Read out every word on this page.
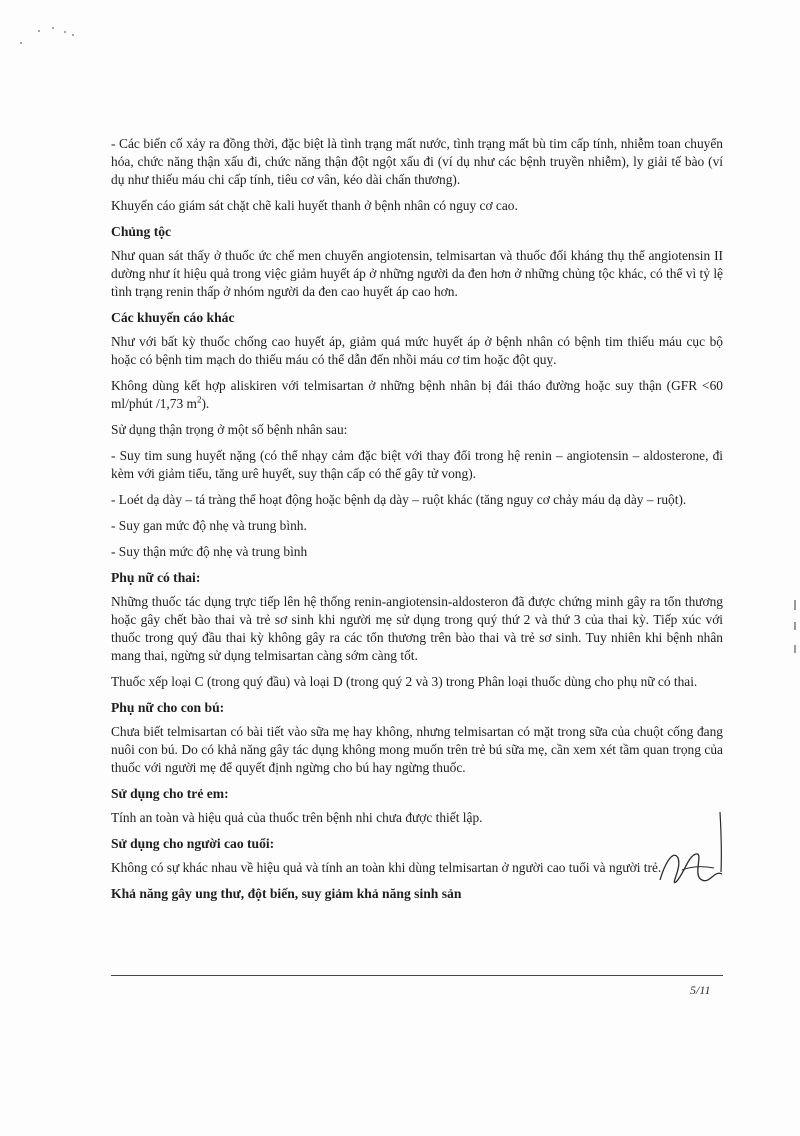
- Các biến cố xảy ra đồng thời, đặc biệt là tình trạng mất nước, tình trạng mất bù tim cấp tính, nhiễm toan chuyển hóa, chức năng thận xấu đi, chức năng thận đột ngột xấu đi (ví dụ như các bệnh truyền nhiễm), ly giải tế bào (ví dụ như thiếu máu chi cấp tính, tiêu cơ vân, kéo dài chấn thương).

Khuyến cáo giám sát chặt chẽ kali huyết thanh ở bệnh nhân có nguy cơ cao.

Chủng tộc

Như quan sát thấy ở thuốc ức chế men chuyển angiotensin, telmisartan và thuốc đối kháng thụ thể angiotensin II dường như ít hiệu quả trong việc giảm huyết áp ở những người da đen hơn ở những chủng tộc khác, có thể vì tỷ lệ tình trạng renin thấp ở nhóm người da đen cao huyết áp cao hơn.

Các khuyến cáo khác

Như với bất kỳ thuốc chống cao huyết áp, giảm quá mức huyết áp ở bệnh nhân có bệnh tim thiếu máu cục bộ hoặc có bệnh tim mạch do thiếu máu có thể dẫn đến nhồi máu cơ tim hoặc đột quỵ.

Không dùng kết hợp aliskiren với telmisartan ở những bệnh nhân bị đái tháo đường hoặc suy thận (GFR <60 ml/phút /1,73 $m^2$).

Sử dụng thận trọng ở một số bệnh nhân sau:

- Suy tim sung huyết nặng (có thể nhạy cảm đặc biệt với thay đổi trong hệ renin – angiotensin – aldosterone, đi kèm với giảm tiểu, tăng urê huyết, suy thận cấp có thể gây tử vong).

- Loét dạ dày – tá tràng thể hoạt động hoặc bệnh dạ dày – ruột khác (tăng nguy cơ chảy máu dạ dày – ruột).

- Suy gan mức độ nhẹ và trung bình.

- Suy thận mức độ nhẹ và trung bình

Phụ nữ có thai:

Những thuốc tác dụng trực tiếp lên hệ thống renin-angiotensin-aldosteron đã được chứng minh gây ra tổn thương hoặc gây chết bào thai và trẻ sơ sinh khi người mẹ sử dụng trong quý thứ 2 và thứ 3 của thai kỳ. Tiếp xúc với thuốc trong quý đầu thai kỳ không gây ra các tổn thương trên bào thai và trẻ sơ sinh. Tuy nhiên khi bệnh nhân mang thai, ngừng sử dụng telmisartan càng sớm càng tốt.

Thuốc xếp loại C (trong quý đầu) và loại D (trong quý 2 và 3) trong Phân loại thuốc dùng cho phụ nữ có thai.

Phụ nữ cho con bú:

Chưa biết telmisartan có bài tiết vào sữa mẹ hay không, nhưng telmisartan có mặt trong sữa của chuột cống đang nuôi con bú. Do có khả năng gây tác dụng không mong muốn trên trẻ bú sữa mẹ, cần xem xét tầm quan trọng của thuốc với người mẹ để quyết định ngừng cho bú hay ngừng thuốc.

Sử dụng cho trẻ em:

Tính an toàn và hiệu quả của thuốc trên bệnh nhi chưa được thiết lập.

Sử dụng cho người cao tuổi:

Không có sự khác nhau về hiệu quả và tính an toàn khi dùng telmisartan ở người cao tuổi và người trẻ.

Khả năng gây ung thư, đột biến, suy giảm khả năng sinh sản
5/11
